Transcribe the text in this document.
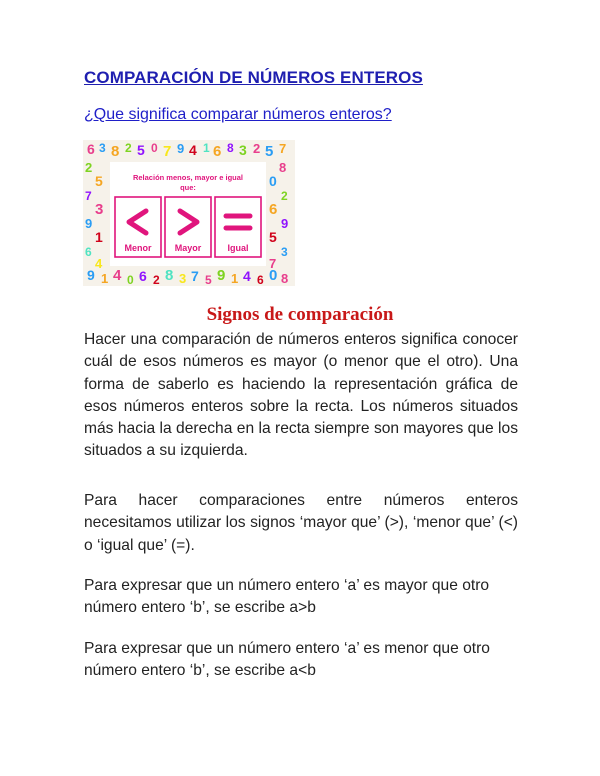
COMPARACIÓN DE NÚMEROS ENTEROS

¿Que significa comparar números enteros?

6 3 8 2 5 0 7 9 4 1 6 8 3 2 5 7
9 1 4 0 6 2 8 3 7 5 9 1 4 6 0 8
2
5
7
3
9
1
6
4
8
0
2
6
9
5
3
7
Relación menos, mayor e igual
que:
Menor	Mayor	Igual
Signos de comparación

Hacer una comparación de números enteros significa conocer cuál de esos números es mayor (o menor que el otro). Una forma de saberlo es haciendo la representación gráfica de esos números enteros sobre la recta. Los números situados más hacia la derecha en la recta siempre son mayores que los situados a su izquierda.

Para hacer comparaciones entre números enteros necesitamos utilizar los signos ‘mayor que’ (>), ‘menor que’ (<) o ‘igual que’ (=).

Para expresar que un número entero ‘a’ es mayor que otro número entero ‘b’, se escribe a>b

Para expresar que un número entero ‘a’ es menor que otro número entero ‘b’, se escribe a<b
